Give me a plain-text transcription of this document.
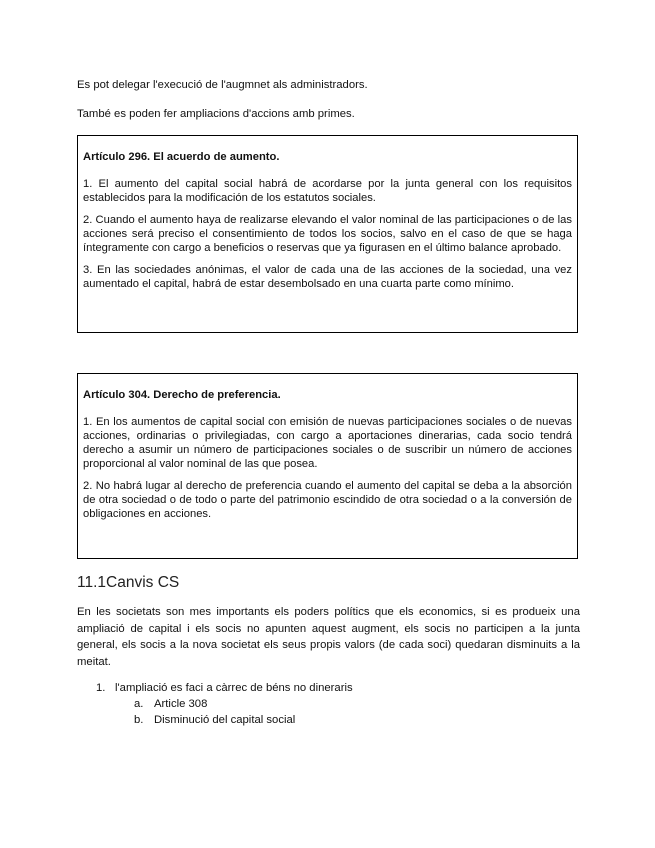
Es pot delegar l'execució de l'augmnet als administradors.

També es poden fer ampliacions d'accions amb primes.

Artículo 296. El acuerdo de aumento.

1. El aumento del capital social habrá de acordarse por la junta general con los requisitos establecidos para la modificación de los estatutos sociales.

2. Cuando el aumento haya de realizarse elevando el valor nominal de las participaciones o de las acciones será preciso el consentimiento de todos los socios, salvo en el caso de que se haga íntegramente con cargo a beneficios o reservas que ya figurasen en el último balance aprobado.

3. En las sociedades anónimas, el valor de cada una de las acciones de la sociedad, una vez aumentado el capital, habrá de estar desembolsado en una cuarta parte como mínimo.

Artículo 304. Derecho de preferencia.

1. En los aumentos de capital social con emisión de nuevas participaciones sociales o de nuevas acciones, ordinarias o privilegiadas, con cargo a aportaciones dinerarias, cada socio tendrá derecho a asumir un número de participaciones sociales o de suscribir un número de acciones proporcional al valor nominal de las que posea.

2. No habrá lugar al derecho de preferencia cuando el aumento del capital se deba a la absorción de otra sociedad o de todo o parte del patrimonio escindido de otra sociedad o a la conversión de obligaciones en acciones.

11.1Canvis CS

En les societats son mes importants els poders polítics que els economics, si es produeix una ampliació de capital i els socis no apunten aquest augment, els socis no participen a la junta general, els socis a la nova societat els seus propis valors (de cada soci) quedaran disminuits a la meitat.

1. l'ampliació es faci a càrrec de béns no dineraris
a. Article 308
b. Disminució del capital social
